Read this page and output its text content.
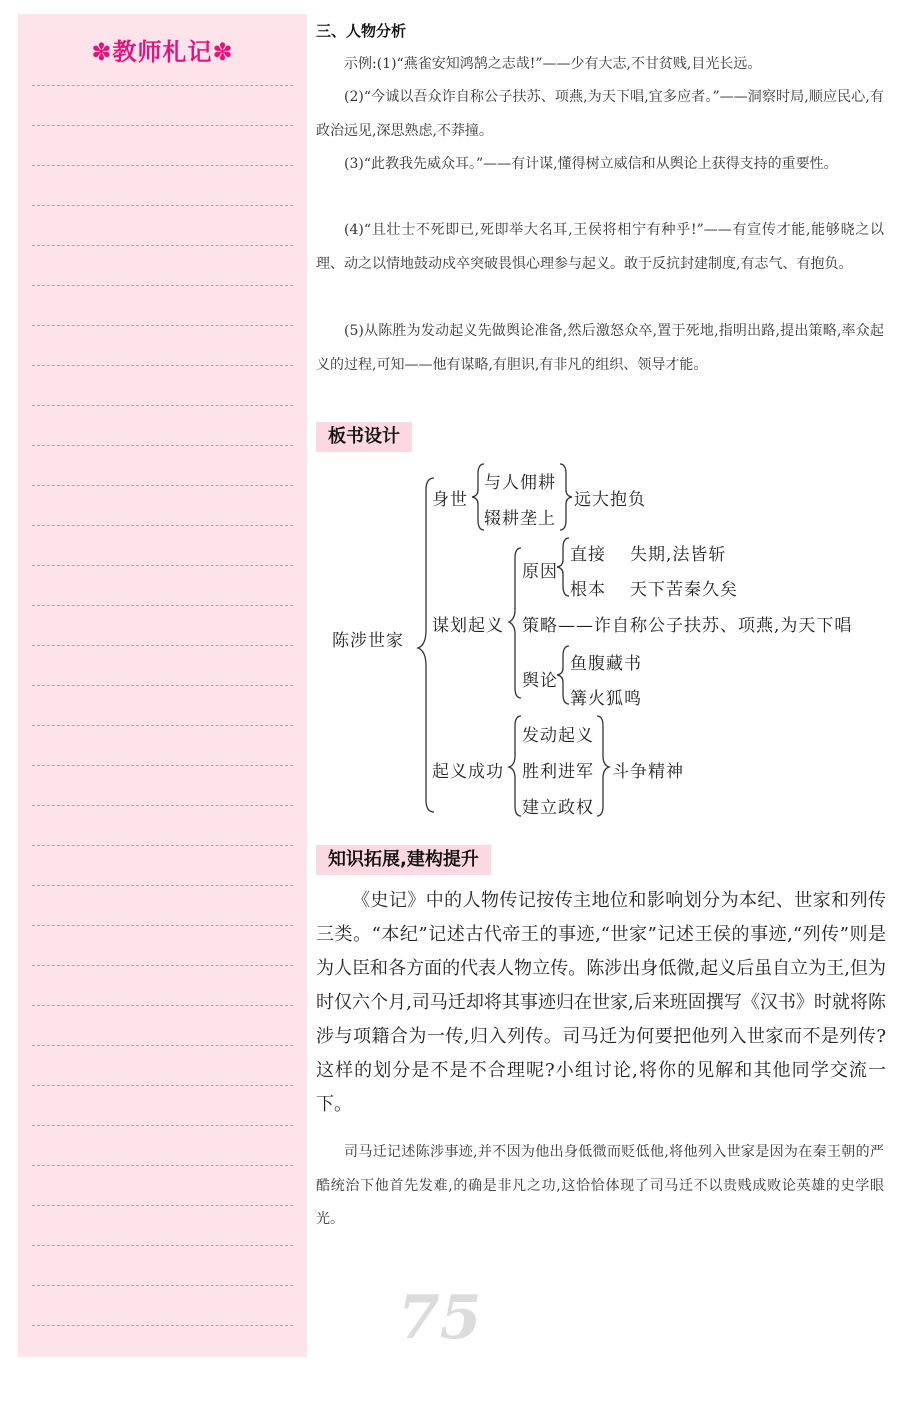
✽教师札记✽
三、人物分析

示例:(1)“燕雀安知鸿鹄之志哉!”——少有大志,不甘贫贱,目光长远。

(2)“今诚以吾众诈自称公子扶苏、项燕,为天下唱,宜多应者。”——洞察时局,顺应民心,有政治远见,深思熟虑,不莽撞。

(3)“此教我先威众耳。”——有计谋,懂得树立威信和从舆论上获得支持的重要性。

(4)“且壮士不死即已,死即举大名耳,王侯将相宁有种乎!”——有宣传才能,能够晓之以理、动之以情地鼓动戍卒突破畏惧心理参与起义。敢于反抗封建制度,有志气、有抱负。

(5)从陈胜为发动起义先做舆论准备,然后激怒众卒,置于死地,指明出路,提出策略,率众起义的过程,可知——他有谋略,有胆识,有非凡的组织、领导才能。

板书设计
知识拓展,建构提升

《史记》中的人物传记按传主地位和影响划分为本纪、世家和列传三类。“本纪”记述古代帝王的事迹,“世家”记述王侯的事迹,“列传”则是为人臣和各方面的代表人物立传。陈涉出身低微,起义后虽自立为王,但为时仅六个月,司马迁却将其事迹归在世家,后来班固撰写《汉书》时就将陈涉与项籍合为一传,归入列传。司马迁为何要把他列入世家而不是列传?这样的划分是不是不合理呢?小组讨论,将你的见解和其他同学交流一下。

司马迁记述陈涉事迹,并不因为他出身低微而贬低他,将他列入世家是因为在秦王朝的严酷统治下他首先发难,的确是非凡之功,这恰恰体现了司马迁不以贵贱成败论英雄的史学眼光。

陈涉世家
身世
与人佣耕
辍耕垄上
远大抱负
谋划起义
原因
直接 失期,法皆斩
根本 天下苦秦久矣
策略 ——诈自称公子扶苏、项燕,为天下唱
舆论
鱼腹藏书
篝火狐鸣
起义成功
发动起义
胜利进军
建立政权
斗争精神
75
